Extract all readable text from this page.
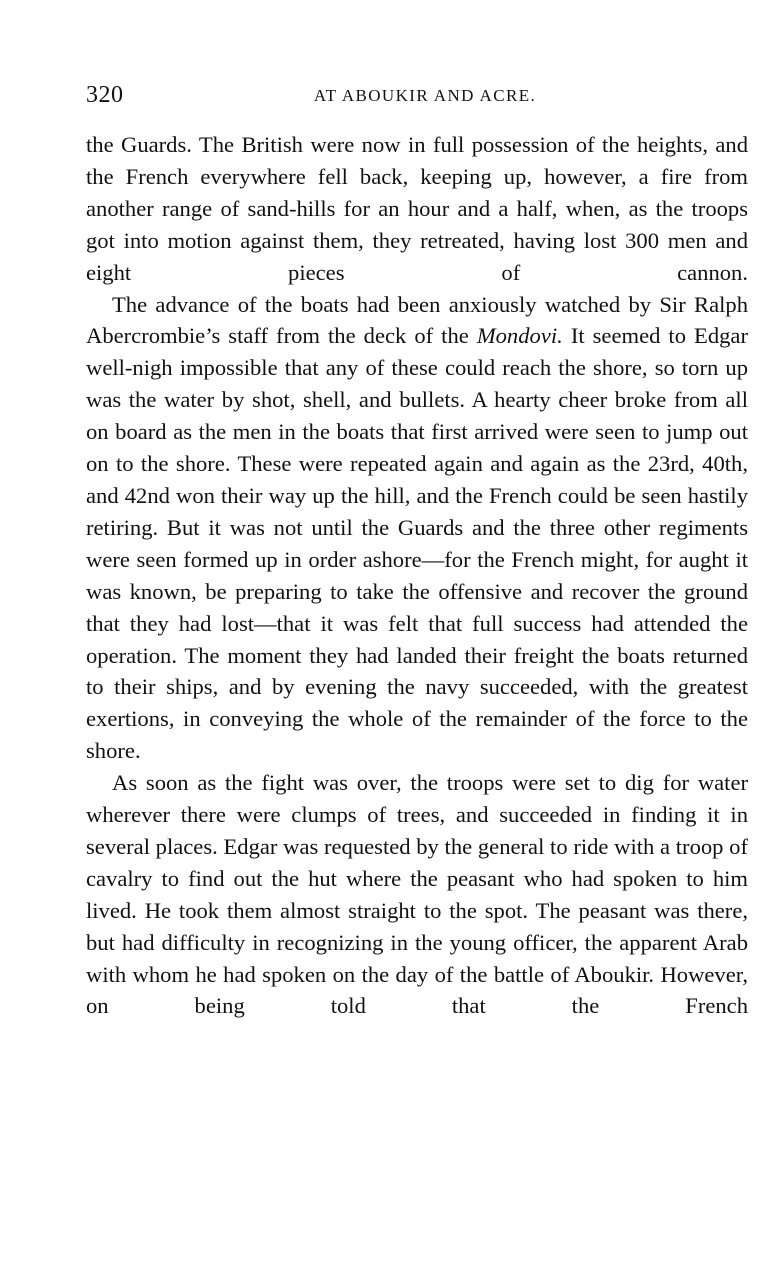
320	AT ABOUKIR AND ACRE.

the Guards. The British were now in full possession of the heights, and the French everywhere fell back, keeping up, however, a fire from another range of sand-hills for an hour and a half, when, as the troops got into motion against them, they retreated, having lost 300 men and eight pieces	of cannon.

The advance of the boats had been anxiously watched by Sir Ralph Abercrombie’s staff from the deck of the Mondovi. It seemed to Edgar well-nigh impossible that any of these could reach the shore, so torn up was the water by shot, shell, and bullets. A hearty cheer broke from all on board as the men in the boats that first arrived were seen to jump out on to the shore. These were repeated again and again as the 23rd, 40th, and 42nd won their way up the hill, and the French could be seen hastily retiring. But it was not until the Guards and the three other regiments were seen formed up in order ashore—for the French might, for aught it was known, be preparing to take the offensive and recover the ground that they had lost—that it was felt that full success had attended the operation. The moment they had landed their freight the boats returned to their ships, and by evening the navy succeeded, with the greatest exertions, in conveying the whole of the remainder of the force to the shore.

As soon as the fight was over, the troops were set to dig for water wherever there were clumps of trees, and succeeded in finding it in several places. Edgar was requested by the general to ride with a troop of cavalry to find out the hut where the peasant who had spoken to him lived. He took them almost straight to the spot. The peasant was there, but had difficulty in recognizing in the young officer, the apparent Arab with whom he had spoken on the day of the battle of Aboukir. However, on being told that the French
